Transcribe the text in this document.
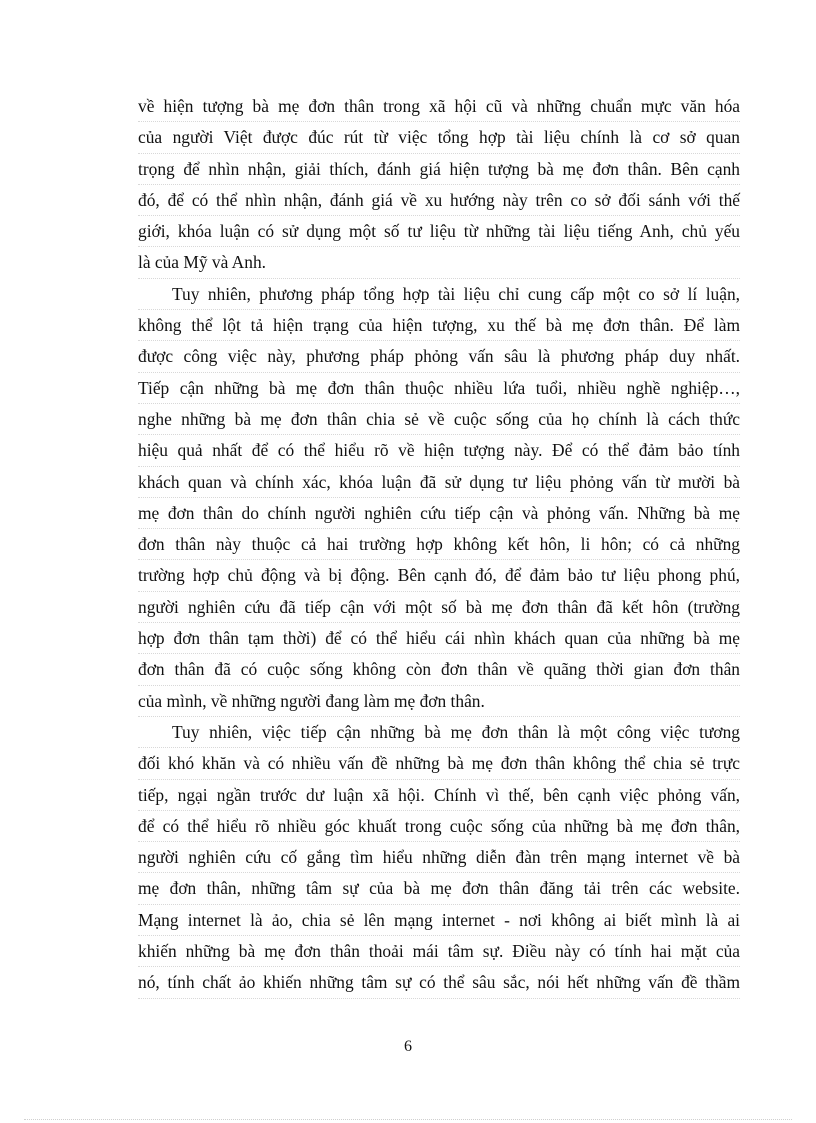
về hiện tượng bà mẹ đơn thân trong xã hội cũ và những chuẩn mực văn hóa
của người Việt được đúc rút từ việc tổng hợp tài liệu chính là cơ sở quan
trọng để nhìn nhận, giải thích, đánh giá hiện tượng bà mẹ đơn thân. Bên cạnh
đó, để có thể nhìn nhận, đánh giá về xu hướng này trên co sở đối sánh với thế
giới, khóa luận có sử dụng một số tư liệu từ những tài liệu tiếng Anh, chủ yếu
là của Mỹ và Anh.
Tuy nhiên, phương pháp tổng hợp tài liệu chỉ cung cấp một co sở lí luận,
không thể lột tả hiện trạng của hiện tượng, xu thế bà mẹ đơn thân. Để làm
được công việc này, phương pháp phỏng vấn sâu là phương pháp duy nhất.
Tiếp cận những bà mẹ đơn thân thuộc nhiều lứa tuổi, nhiều nghề nghiệp…,
nghe những bà mẹ đơn thân chia sẻ về cuộc sống của họ chính là cách thức
hiệu quả nhất để có thể hiểu rõ về hiện tượng này. Để có thể đảm bảo tính
khách quan và chính xác, khóa luận đã sử dụng tư liệu phỏng vấn từ mười bà
mẹ đơn thân do chính người nghiên cứu tiếp cận và phỏng vấn. Những bà mẹ
đơn thân này thuộc cả hai trường hợp không kết hôn, li hôn; có cả những
trường hợp chủ động và bị động. Bên cạnh đó, để đảm bảo tư liệu phong phú,
người nghiên cứu đã tiếp cận với một số bà mẹ đơn thân đã kết hôn (trường
hợp đơn thân tạm thời) để có thể hiểu cái nhìn khách quan của những bà mẹ
đơn thân đã có cuộc sống không còn đơn thân về quãng thời gian đơn thân
của mình, về những người đang làm mẹ đơn thân.
Tuy nhiên, việc tiếp cận những bà mẹ đơn thân là một công việc tương
đối khó khăn và có nhiều vấn đề những bà mẹ đơn thân không thể chia sẻ trực
tiếp, ngại ngần trước dư luận xã hội. Chính vì thế, bên cạnh việc phỏng vấn,
để có thể hiểu rõ nhiều góc khuất trong cuộc sống của những bà mẹ đơn thân,
người nghiên cứu cố gắng tìm hiểu những diễn đàn trên mạng internet về bà
mẹ đơn thân, những tâm sự của bà mẹ đơn thân đăng tải trên các website.
Mạng internet là ảo, chia sẻ lên mạng internet - nơi không ai biết mình là ai
khiến những bà mẹ đơn thân thoải mái tâm sự. Điều này có tính hai mặt của
nó, tính chất ảo khiến những tâm sự có thể sâu sắc, nói hết những vấn đề thầm
6
